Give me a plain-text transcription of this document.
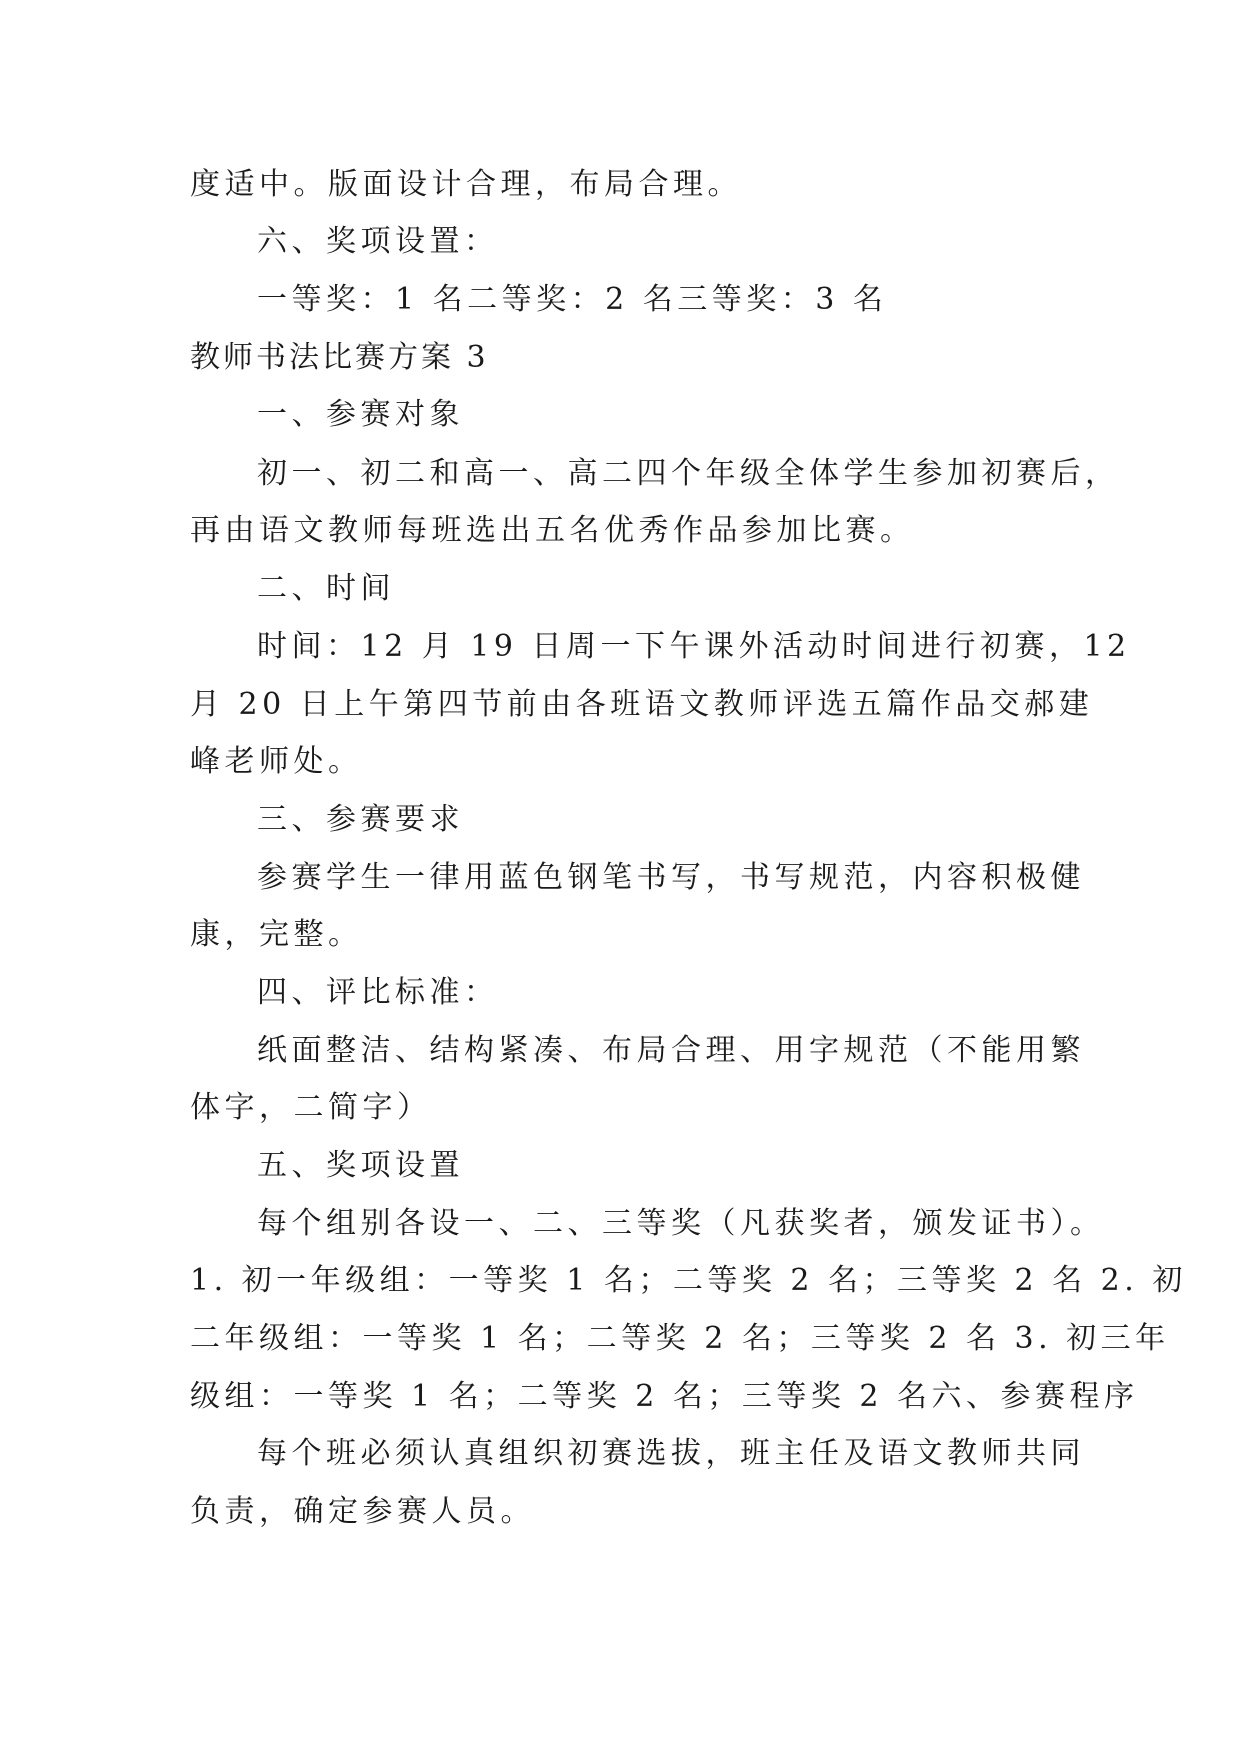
度适中。版面设计合理，布局合理。
六、奖项设置：
一等奖：1 名二等奖：2 名三等奖：3 名
教师书法比赛方案 3
一、参赛对象
初一、初二和高一、高二四个年级全体学生参加初赛后，
再由语文教师每班选出五名优秀作品参加比赛。
二、时间
时间：12 月 19 日周一下午课外活动时间进行初赛，12
月 20 日上午第四节前由各班语文教师评选五篇作品交郝建
峰老师处。
三、参赛要求
参赛学生一律用蓝色钢笔书写，书写规范，内容积极健
康，完整。
四、评比标准：
纸面整洁、结构紧凑、布局合理、用字规范（不能用繁
体字，二简字）
五、奖项设置
每个组别各设一、二、三等奖（凡获奖者，颁发证书）。
1. 初一年级组：一等奖 1 名；二等奖 2 名；三等奖 2 名 2. 初
二年级组：一等奖 1 名；二等奖 2 名；三等奖 2 名 3. 初三年
级组：一等奖 1 名；二等奖 2 名；三等奖 2 名六、参赛程序
每个班必须认真组织初赛选拔，班主任及语文教师共同
负责，确定参赛人员。
